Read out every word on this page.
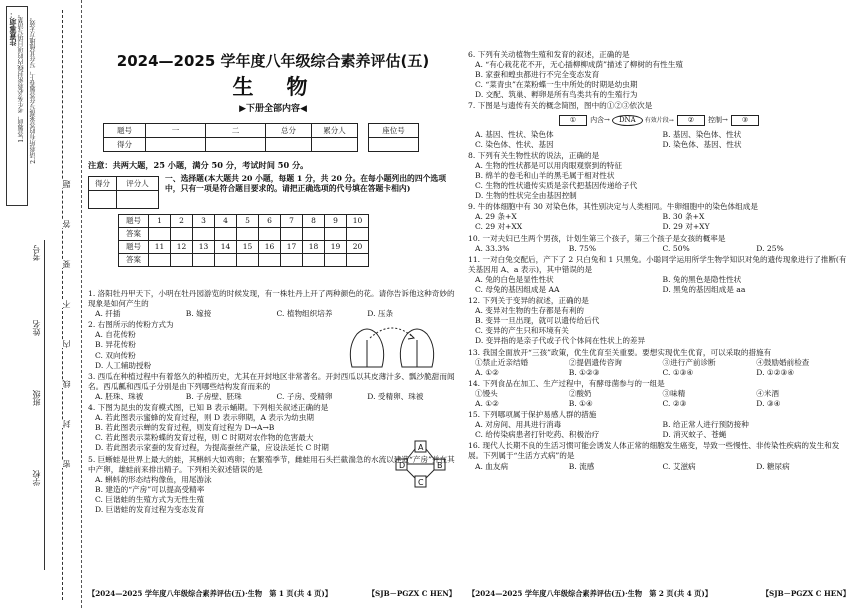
注意事项： 1.答题前，考生务必将密封线内的项目填写清楚。 2.请将所有的答案都写在答题卷上，写在其他地方无效。
学校
班级
姓名
考号
题
答
要
不
内
线
封
密
2024—2025 学年度八年级综合素养评估(五)
生　物
▶下册全部内容◀
题号	一	二	总分	累分人
得分				
座位号

注意：共两大题，25 小题，满分 50 分，考试时间 50 分。
得分	评分人

一、选择题(本大题共 20 小题，每题 1 分，共 20 分。在每小题列出的四个选项中，只有一项是符合题目要求的。请把正确选项的代号填在答题卡相内)
题号	1	2	3	4	5	6	7	8	9	10
答案										
题号	11	12	13	14	15	16	17	18	19	20
答案										
1. 洛阳牡丹甲天下，小明在牡丹园游览的时候发现，有一株牡丹上开了两种颜色的花。请你告诉他这种奇妙的现象是如何产生的
A. 扦插	B. 嫁接	C. 植物组织培养	D. 压条
2. 右图所示的传粉方式为
A. 自花传粉
B. 异花传粉
C. 双向传粉
D. 人工辅助授粉
3. 西瓜在种植过程中有着悠久的种植历史，尤其在开封地区非常著名。开封西瓜以其皮薄汁多、瓢沙脆甜而闻名。西瓜瓤和西瓜子分别是由下列哪些结构发育而来的
A. 胚珠、珠被	B. 子房壁、胚珠	C. 子房、受精卵	D. 受精卵、珠被
4. 下图为昆虫的发育模式图，已知 B 表示蛹期。下列相关叙述正确的是
A. 若此图表示蜜蜂的发育过程，则 D 表示卵期，A 表示为幼虫期
B. 若此图表示蝉的发育过程，则发育过程为 D→A→B
C. 若此图表示菜粉蝶的发育过程，则 C 时期对农作物的危害最大
D. 若此图表示家蚕的发育过程，为提高蚕丝产量，应设法延长 C 时期
5. 巨蜥蛙是世界上最大的蛙，其蝌蚪大如鸡卵；在繁殖季节，雌蛙用石头拦截湍急的水流以建造“产房”并在其中产卵，雄蛙前来排出精子。下列相关叙述错误的是
A. 蝌蚪的形态结构像鱼，用尾游泳
B. 建造的“产房”可以提高受精率
C. 巨谐蛙的生殖方式为无性生殖
D. 巨谐蛙的发育过程为变态发育
A
D	B
C
6. 下列有关动植物生殖和发育的叙述，正确的是
A. “有心栽花花不开，无心插柳柳成荫”描述了柳树的有性生殖
B. 家蚕和蝗虫都进行不完全变态发育
C. “菜青虫”在菜粉蝶一生中所处的时期是幼虫期
D. 交配、筑巢、孵卵是所有鸟类共有的生殖行为
7. 下图是与遗传有关的概念简图，图中的①②③依次是
①	内含→	DNA	有效片段→	②	控制→	③
A. 基因、性状、染色体	B. 基因、染色体、性状
C. 染色体、性状、基因	D. 染色体、基因、性状
8. 下列有关生物性状的说法，正确的是
A. 生物的性状都是可以用肉眼观察到的特征
B. 绵羊的卷毛和山羊的黑毛属于相对性状
C. 生物的性状遗传实质是亲代把基因传递给子代
D. 生物的性状完全由基因控制
9. 牛的体细胞中有 30 对染色体，其性别决定与人类相同。牛卵细胞中的染色体组成是
A. 29 条+X	B. 30 条+X
C. 29 对+XX	D. 29 对+XY
10. 一对夫妇已生两个男孩，计划生第三个孩子，第三个孩子是女孩的概率是
A. 33.3%	B. 75%	C. 50%	D. 25%
11. 一对白兔交配后，产下了 2 只白兔和 1 只黑兔。小聪同学运用所学生物学知识对兔的遗传现象进行了推断(有关基因用 A、a 表示)，其中错误的是
A. 兔的白色是显性性状	B. 兔的黑色是隐性性状
C. 母兔的基因组成是 AA	D. 黑兔的基因组成是 aa
12. 下列关于变异的叙述，正确的是
A. 变异对生物的生存都是有利的
B. 变异一旦出现，就可以遗传给后代
C. 变异的产生只和环境有关
D. 变异指的是亲子代或子代个体间在性状上的差异
13. 我国全面放开“三孩”政策，优生优育至关重要。要想实现优生优育，可以采取的措施有
①禁止近亲结婚	②提倡遗传咨询	③进行产前诊断	④鼓励婚前检查
A. ①②	B. ①②③	C. ①③④	D. ①②③④
14. 下列食品在加工、生产过程中，有酵母菌参与的一组是
①馒头	②酸奶	③味精	④米酒
A. ①②	B. ①④	C. ②③	D. ③④
15. 下列哪项属于保护易感人群的措施
A. 对房间、用具进行消毒	B. 给正常人进行预防接种
C. 给传染病患者打针吃药、积极治疗	D. 消灭蚊子、苍蝇
16. 现代人长期不良的生活习惯可能会诱发人体正常的细胞发生癌变，导致一些慢性、非传染性疾病的发生和发展。下列属于“生活方式病”的是
A. 血友病	B. 流感	C. 艾滋病	D. 糖尿病
【2024—2025 学年度八年级综合素养评估(五)·生物　第 1 页(共 4 页)】	【SJB－PGZX C HEN】 【2024—2025 学年度八年级综合素养评估(五)·生物　第 2 页(共 4 页)】	【SJB－PGZX C HEN】
